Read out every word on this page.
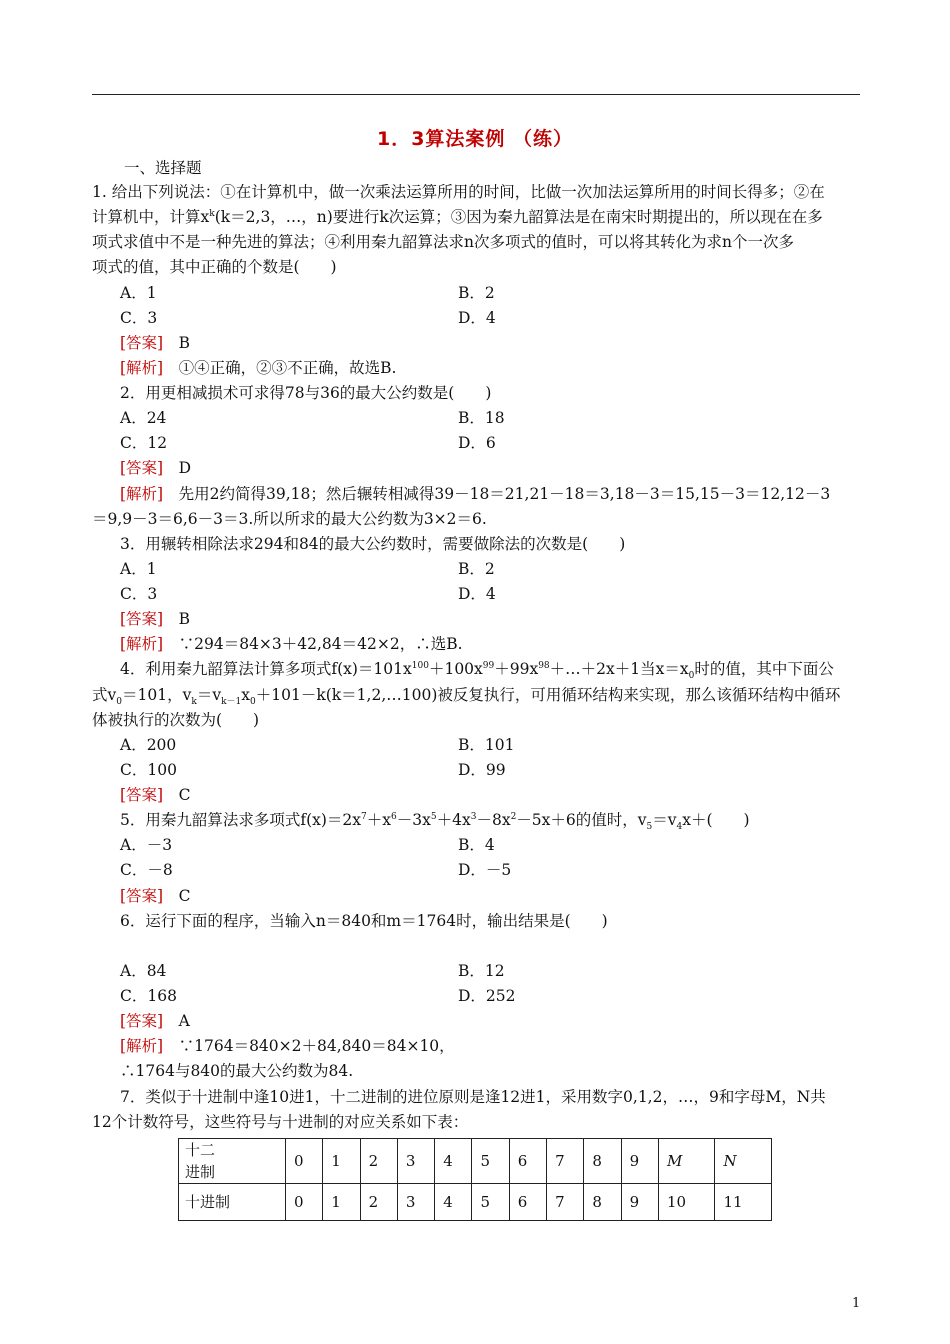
1．3算法案例 （练）
一、选择题
1. 给出下列说法：①在计算机中，做一次乘法运算所用的时间，比做一次加法运算所用的时间长得多；②在
计算机中，计算$x^k(k=2,3$，…，n)要进行k次运算；③因为秦九韶算法是在南宋时期提出的，所以现在在多
项式求值中不是一种先进的算法；④利用秦九韶算法求n次多项式的值时，可以将其转化为求n个一次多
项式的值，其中正确的个数是(　　)
A．1	B．2
C．3	D．4
[答案]　 B
[解析]　 ①④正确，②③不正确，故选B.
2．用更相减损术可求得78与36的最大公约数是(　　)
A．24	B．18
C．12	D．6
[答案]　 D
[解析]　 先用2约简得39,18；然后辗转相减得39－18＝21,21－18＝3,18－3＝15,15－3＝12,12－3
＝9,9－3＝6,6－3＝3.所以所求的最大公约数为3×2＝6.
3．用辗转相除法求294和84的最大公约数时，需要做除法的次数是(　　)
A．1	B．2
C．3	D．4
[答案]　 B
[解析]　 ∵294＝84×3＋42,84＝42×2，∴选B.
4．利用秦九韶算法计算多项式$f(x)=101x^{100}+100x^{99}+99x^{98}+\dots+2x+1$当$x=x_0$时的值，其中下面公
式$v_0=101$，$v_k=v_{k-1}x_0+101-k(k=1,2,\dots 100)$被反复执行，可用循环结构来实现，那么该循环结构中循环
体被执行的次数为(　　)
A．200	B．101
C．100	D．99
[答案]　 C
5．用秦九韶算法求多项式$f(x)=2x^7+x^6-3x^5+4x^3-8x^2-5x+6$的值时，$v_5=v_4x+$(　　)
A．－3	B．4
C．－8	D．－5
[答案]　 C
6．运行下面的程序，当输入n＝840和m＝1764时，输出结果是(　　)
A．84	B．12
C．168	D．252
[答案]　 A
[解析]　 ∵1764＝840×2＋84,840＝84×10，
∴1764与840的最大公约数为84.
7．类似于十进制中逢10进1，十二进制的进位原则是逢12进1，采用数字0,1,2，…，9和字母M，N共
12个计数符号，这些符号与十进制的对应关系如下表：
十二
进制	0	1	2	3	4	5	6	7	8	9	M	N
十进制	0	1	2	3	4	5	6	7	8	9	10	11
1
